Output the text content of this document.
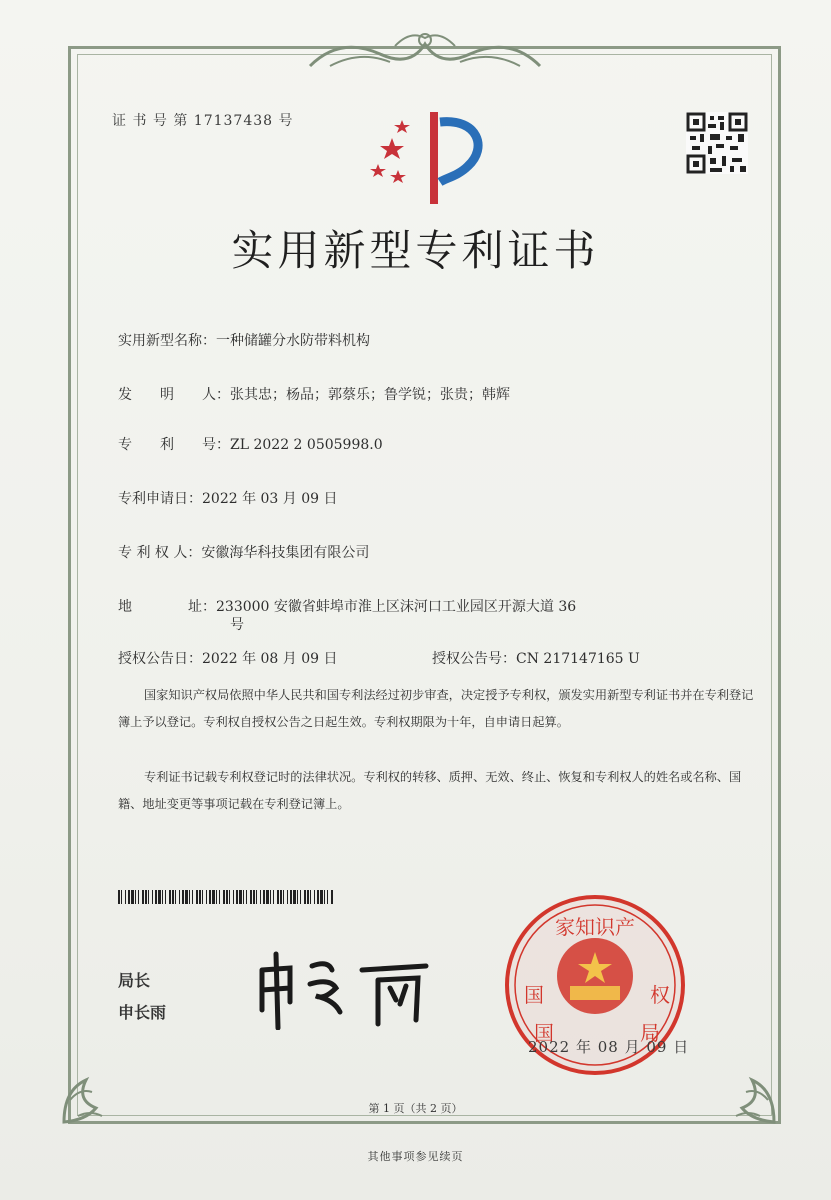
证 书 号 第 17137438 号
实用新型专利证书
实用新型名称：一种储罐分水防带料机构
发　　明　　人：张其忠；杨品；郭蔡乐；鲁学锐；张贵；韩辉
专　　利　　号：ZL 2022 2 0505998.0
专利申请日：2022 年 03 月 09 日
专 利 权 人：安徽海华科技集团有限公司
地　　　　址：233000 安徽省蚌埠市淮上区沫河口工业园区开源大道 36
号
授权公告日：2022 年 08 月 09 日	授权公告号：CN 217147165 U

国家知识产权局依照中华人民共和国专利法经过初步审查，决定授予专利权，颁发实用新型专利证书并在专利登记簿上予以登记。专利权自授权公告之日起生效。专利权期限为十年，自申请日起算。

专利证书记载专利权登记时的法律状况。专利权的转移、质押、无效、终止、恢复和专利权人的姓名或名称、国籍、地址变更等事项记载在专利登记簿上。

局长
申长雨
家知识产
国	权
国	局
2022 年 08 月 09 日
第 1 页（共 2 页）
其他事项参见续页
